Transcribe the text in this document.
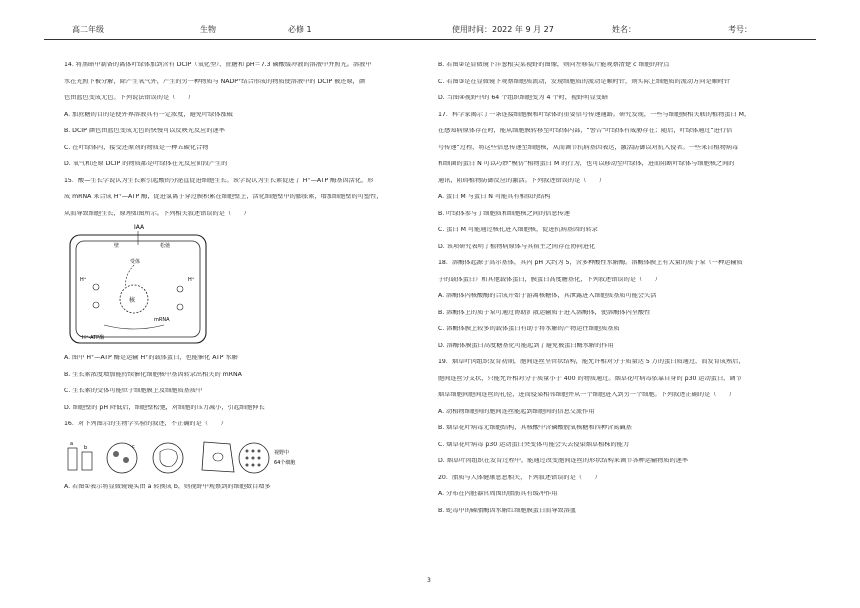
高二年级	生物	必修 1	使用时间：2022 年 9 月 27	姓名：	考号：
14. 将黑暗中制备的离体叶绿体加到含有 DCIP（氧化型）、蔗糖和 pH＝7.3 磷酸缓冲液的溶液中并照光。溶液中
水在光照下被分解，除产生氧气外，产生的另一种物质与 NADP⁺结合形成的物质使溶液中的 DCIP 被还原，颜
色由蓝色变成无色。下列说法错误的是（　　）
A. 加蔗糖的目的是使外界溶液具有一定浓度，避免叶绿体涨破
B. DCIP 颜色由蓝色变成无色的快慢可以反映光反应的速率
C. 在叶绿体内，接受还原剂的物质是一种五碳化合物
D. 氧气和还原 DCIP 的物质都是叶绿体在光反应阶段产生的
15．酸—生长学说认为生长素引起酸的分泌直促进细胞生长。该学说认为生长素促进了 H⁺—ATP 酶基因活化，形
成 mRNA 来合成 H⁺—ATP 酶，促进氢离子穿过膜积累在细胞壁上，活化细胞壁中的膨胀素，增加细胞壁的可塑性，
从而导致细胞生长，原理如图所示。下列相关叙述错误的是（　　）
IAA
壁	松弛
受体
核
mRNA
H⁺-ATP酶
H⁺	H⁺
A. 图中 H⁺—ATP 酶是运输 H⁺的载体蛋白，也能催化 ATP 水解
B. 生长素浓度增加能持续催化细胞核中基因转录出相关的 mRNA
C. 生长素的受体可能位于细胞膜上及细胞质基质中
D. 细胞壁的 pH 降低后，细胞壁松弛，对细胞的压力减小，引起细胞伸长
16．对下列图示的生物学实验的叙述，不正确的是（　　）
a
b	c
视野中
64个细胞
A. 若图①表示将显微镜镜头由 a 转换成 b，则视野中观察到的细胞数目增多
B. 若图②是显微镜下洋葱根尖某视野的图像，则向左移装片能观察清楚 c 细胞的特点
C. 若图③是在显微镜下观察细胞质流动，发现细胞质的流动是顺时针，则实际上细胞质的流动方向是顺时针
D. 当图④视野中的 64 个组织细胞变为 4 个时，视野明显变暗
17．科学家揭示了一条连接细胞膜和叶绿体的重要信号传递通路。研究发现，一些与细胞膜相关联的植物蛋白 M，
在感知病原体存在时，能从细胞膜转移至叶绿体内部，“警告”叶绿体有威胁存在；随后，叶绿体通过“进行信
号传递”过程，将这些信息传递至细胞核，从而调节抗病基因表达，激活防御以对抗入侵者。一些来自植物病毒
和细菌的蛋白 N 可以巧妙“模仿”植物蛋白 M 的行为，也可以移动至叶绿体，进而阻断叶绿体与细胞核之间的
通讯，阻碍植物防御反应的激活。下列叙述错误的是（　　）
A. 蛋白 M 与蛋白 N 可能具有相似的结构
B. 叶绿体参与了细胞质和细胞核之间的信息传递
C. 蛋白 M 可能通过核孔进入细胞核，促进抗病基因的转录
D. 该项研究表明了植物病原体与其宿主之间存在协同进化
18．溶酶体起源于高尔基体，其内 pH 大约为 5，含多种酸性水解酶。溶酶体膜上有大量的质子泵（一种运输质
子的载体蛋白）和其他载体蛋白，膜蛋白高度糖基化，下列叙述错误的是（　　）
A. 溶酶体内核酸酶的合成开始于游离核糖体，其泄露进入细胞质基质可能会失活
B. 溶酶体上的质子泵可通过协助扩散运输质子进入溶酶体，使溶酶体内呈酸性
C. 溶酶体膜上较多的载体蛋白有助于将水解的产物运往细胞质基质
D. 溶酶体膜蛋白高度糖基化可能起到了避免被蛋白酶水解的作用
19．烟草叶肉组织发育初期，胞间连丝呈管状结构，能允许相对分子质量达 5 万的蛋白质通过，而发育成熟后，
胞间连丝分支状，只能允许相对分子质量小于 400 的物质通过。烟草花叶病毒依靠自身的 p30 运动蛋白，调节
烟草细胞间胞间连丝的孔径，进而侵染相邻细胞并从一个细胞进入到另一个细胞。下列叙述正确的是（　　）
A. 动植物细胞间的胞间连丝能起到细胞间的信息交流作用
B. 烟草花叶病毒无细胞结构，其核酸中含磷酸脱氧核糖和四种含氮碱基
C. 烟草花叶病毒 p30 运动蛋白突变体可能会失去侵染烟草植株的能力
D. 烟草叶肉组织在发育过程中，能通过改变胞间连丝的形状结构来调节各种运输物质的速率
20．脂质与人体健康息息相关，下列叙述错误的是（　　）
A. 分布在内脏器官周围的脂肪具有缓冲作用
B. 蛇毒中的磷脂酶因水解红细胞膜蛋白而导致溶血
3
